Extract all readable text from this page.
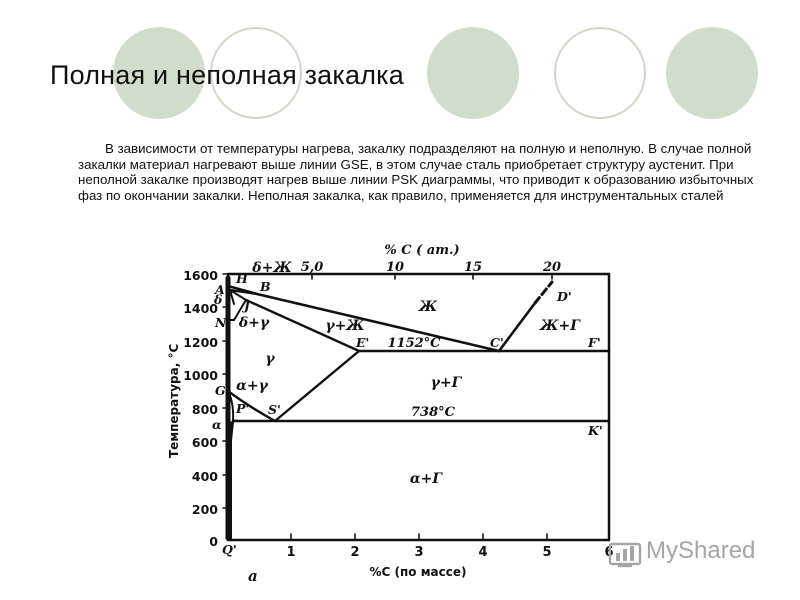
Полная и неполная закалка
В зависимости от температуры нагрева, закалку подразделяют на полную и неполную. В случае полной закалки материал нагревают выше линии GSE, в этом случае сталь приобретает структуру аустенит. При неполной закалке производят нагрев выше линии PSK диаграммы, что приводит к образованию избыточных фаз по окончании закалки. Неполная закалка, как правило, применяется для инструментальных сталей
1600
1400
1200
1000
800
600
400
200
0
Температура, °С
1	2	3	4	5	6
%С (по массе)
а
% С ( ат.)
5,0	10	15	20
H
A	B
δ J
N
E'	C'
D'
F'
G
P' S'
α	K'
Q'
δ+Ж
Ж
δ+γ	γ+Ж	Ж+Г
γ
α+γ	γ+Г
α+Г
1152°С
738°С
MyShared
